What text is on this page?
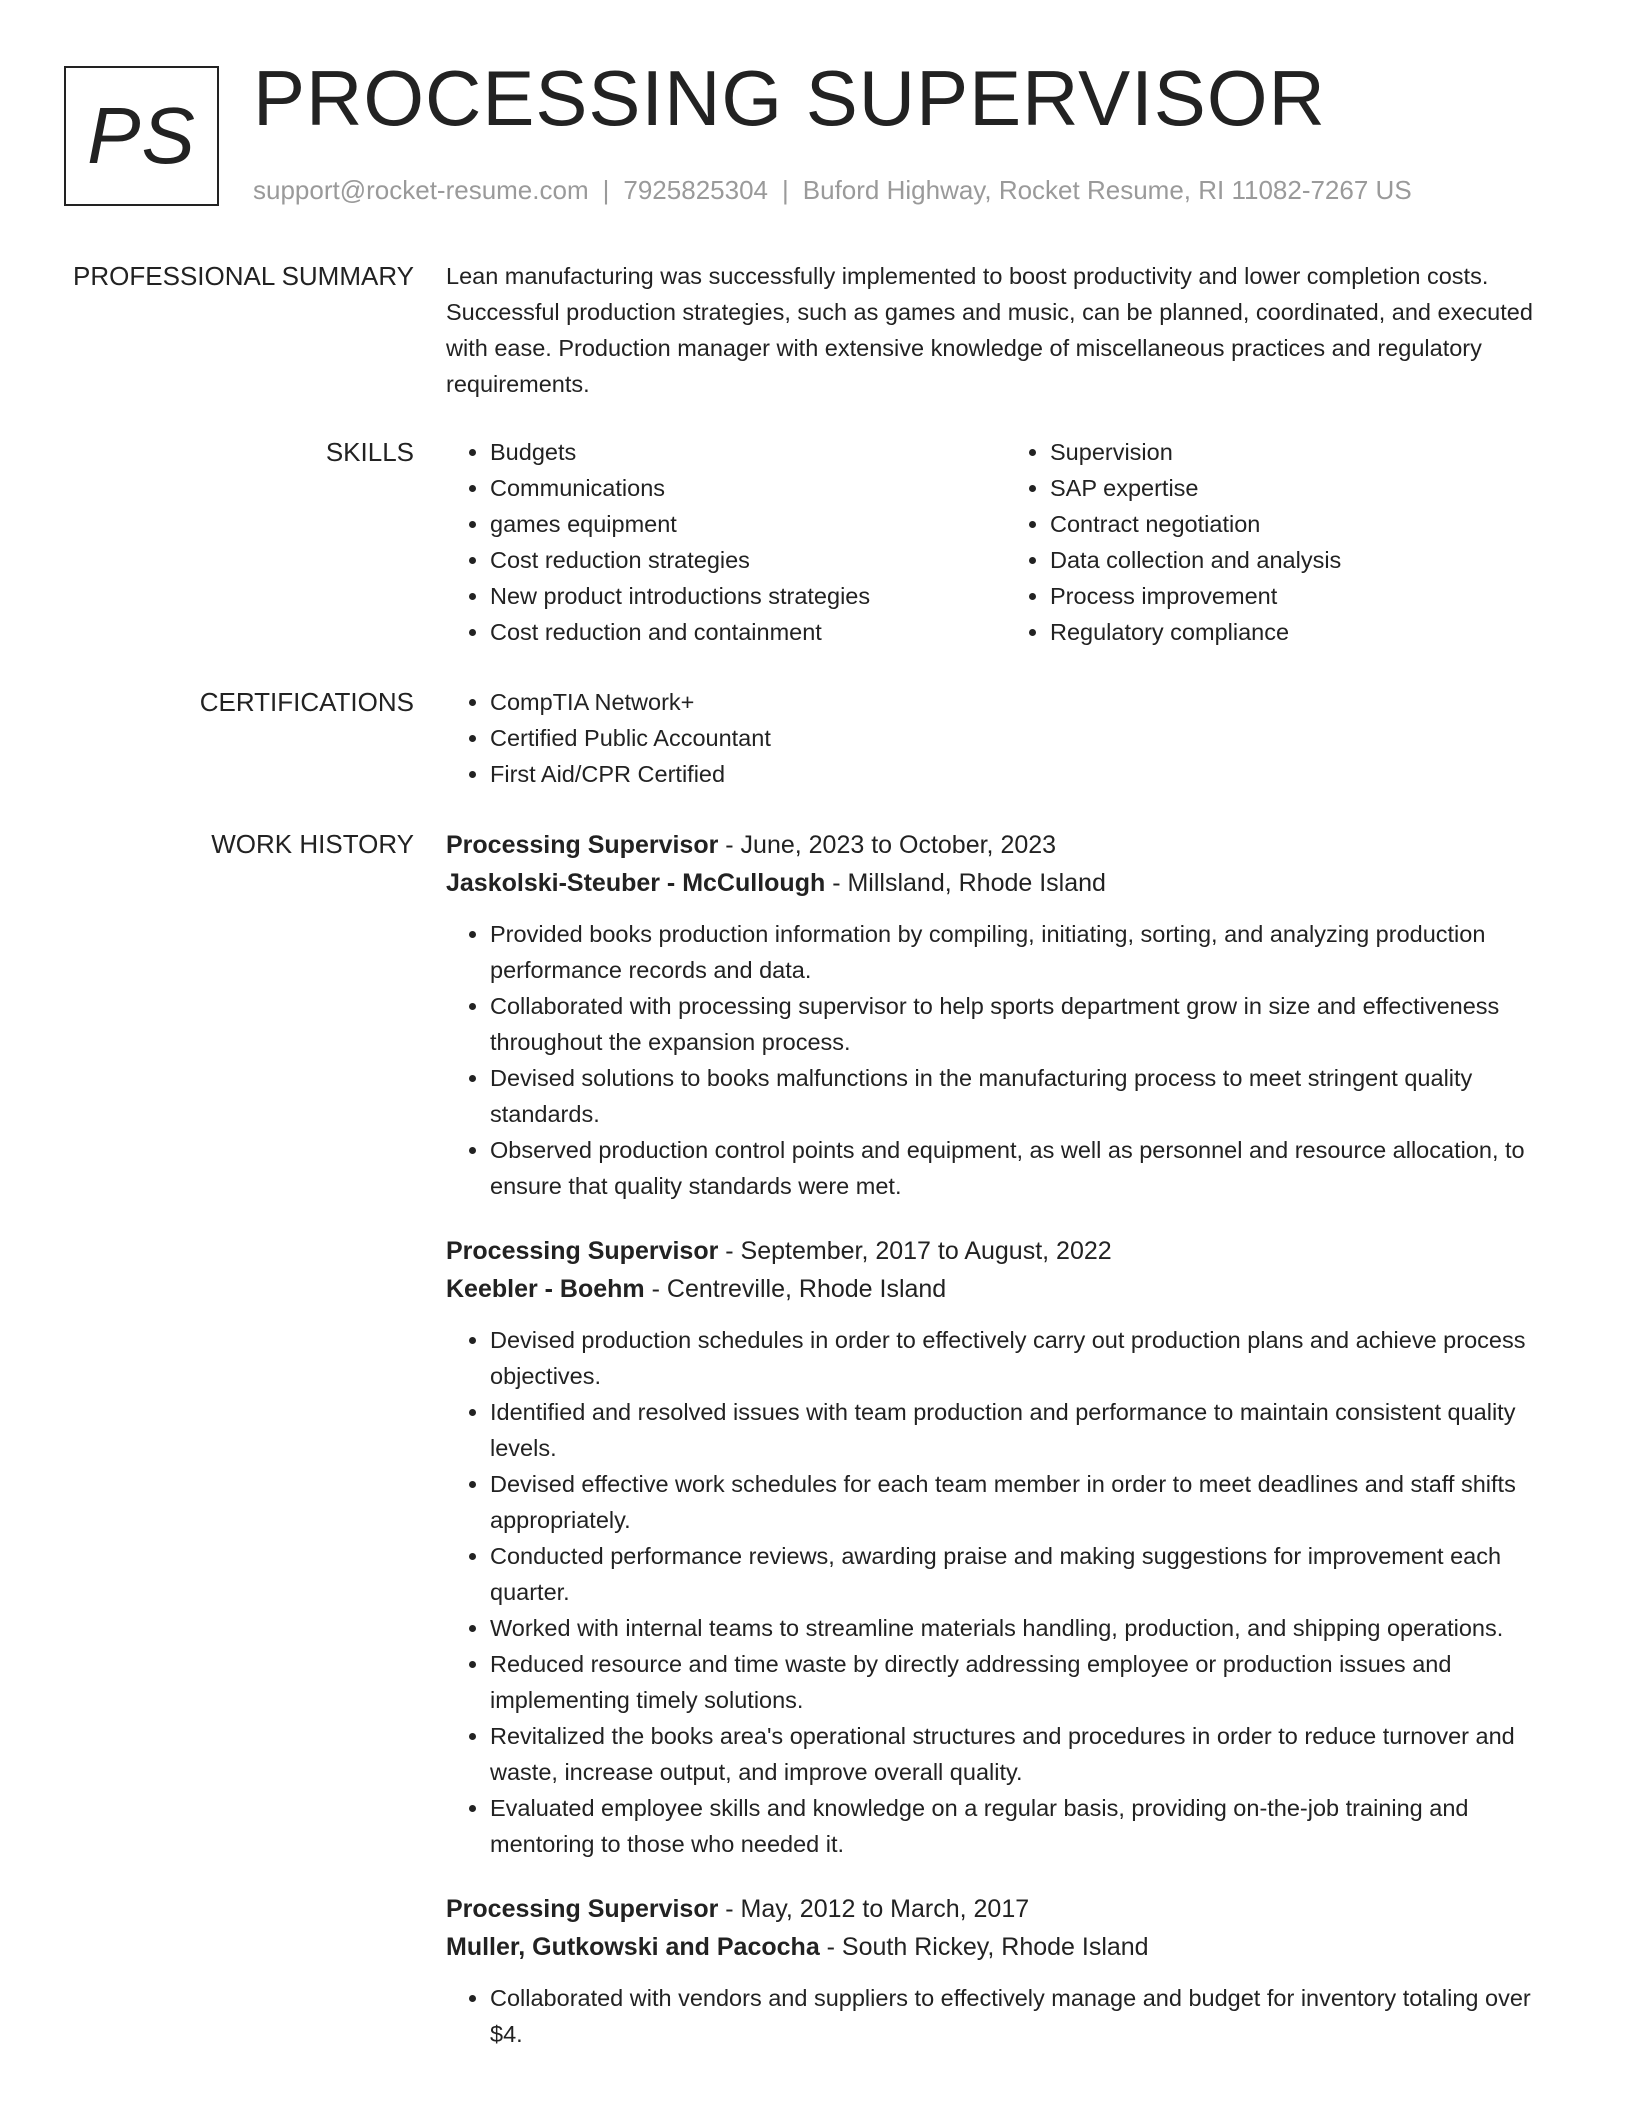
PS PROCESSING SUPERVISOR
support@rocket-resume.com | 7925825304 | Buford Highway, Rocket Resume, RI 11082-7267 US
PROFESSIONAL SUMMARY Lean manufacturing was successfully implemented to boost productivity and lower completion costs. Successful production strategies, such as games and music, can be planned, coordinated, and executed with ease. Production manager with extensive knowledge of miscellaneous practices and regulatory requirements.

SKILLS	• Budgets
• Communications
• games equipment
• Cost reduction strategies
• New product introductions strategies
• Cost reduction and containment
• Supervision
• SAP expertise
• Contract negotiation
• Data collection and analysis
• Process improvement
• Regulatory compliance
CERTIFICATIONS	• CompTIA Network+
• Certified Public Accountant
• First Aid/CPR Certified
WORK HISTORY Processing Supervisor - June, 2023 to October, 2023
Jaskolski-Steuber - McCullough - Millsland, Rhode Island
• Provided books production information by compiling, initiating, sorting, and analyzing production performance records and data.
• Collaborated with processing supervisor to help sports department grow in size and effectiveness throughout the expansion process.
• Devised solutions to books malfunctions in the manufacturing process to meet stringent quality standards.
• Observed production control points and equipment, as well as personnel and resource allocation, to ensure that quality standards were met.
Processing Supervisor - September, 2017 to August, 2022
Keebler - Boehm - Centreville, Rhode Island
• Devised production schedules in order to effectively carry out production plans and achieve process objectives.
• Identified and resolved issues with team production and performance to maintain consistent quality levels.
• Devised effective work schedules for each team member in order to meet deadlines and staff shifts appropriately.
• Conducted performance reviews, awarding praise and making suggestions for improvement each quarter.
• Worked with internal teams to streamline materials handling, production, and shipping operations.
• Reduced resource and time waste by directly addressing employee or production issues and implementing timely solutions.
• Revitalized the books area's operational structures and procedures in order to reduce turnover and waste, increase output, and improve overall quality.
• Evaluated employee skills and knowledge on a regular basis, providing on-the-job training and mentoring to those who needed it.
Processing Supervisor - May, 2012 to March, 2017
Muller, Gutkowski and Pacocha - South Rickey, Rhode Island
• Collaborated with vendors and suppliers to effectively manage and budget for inventory totaling over $4.
